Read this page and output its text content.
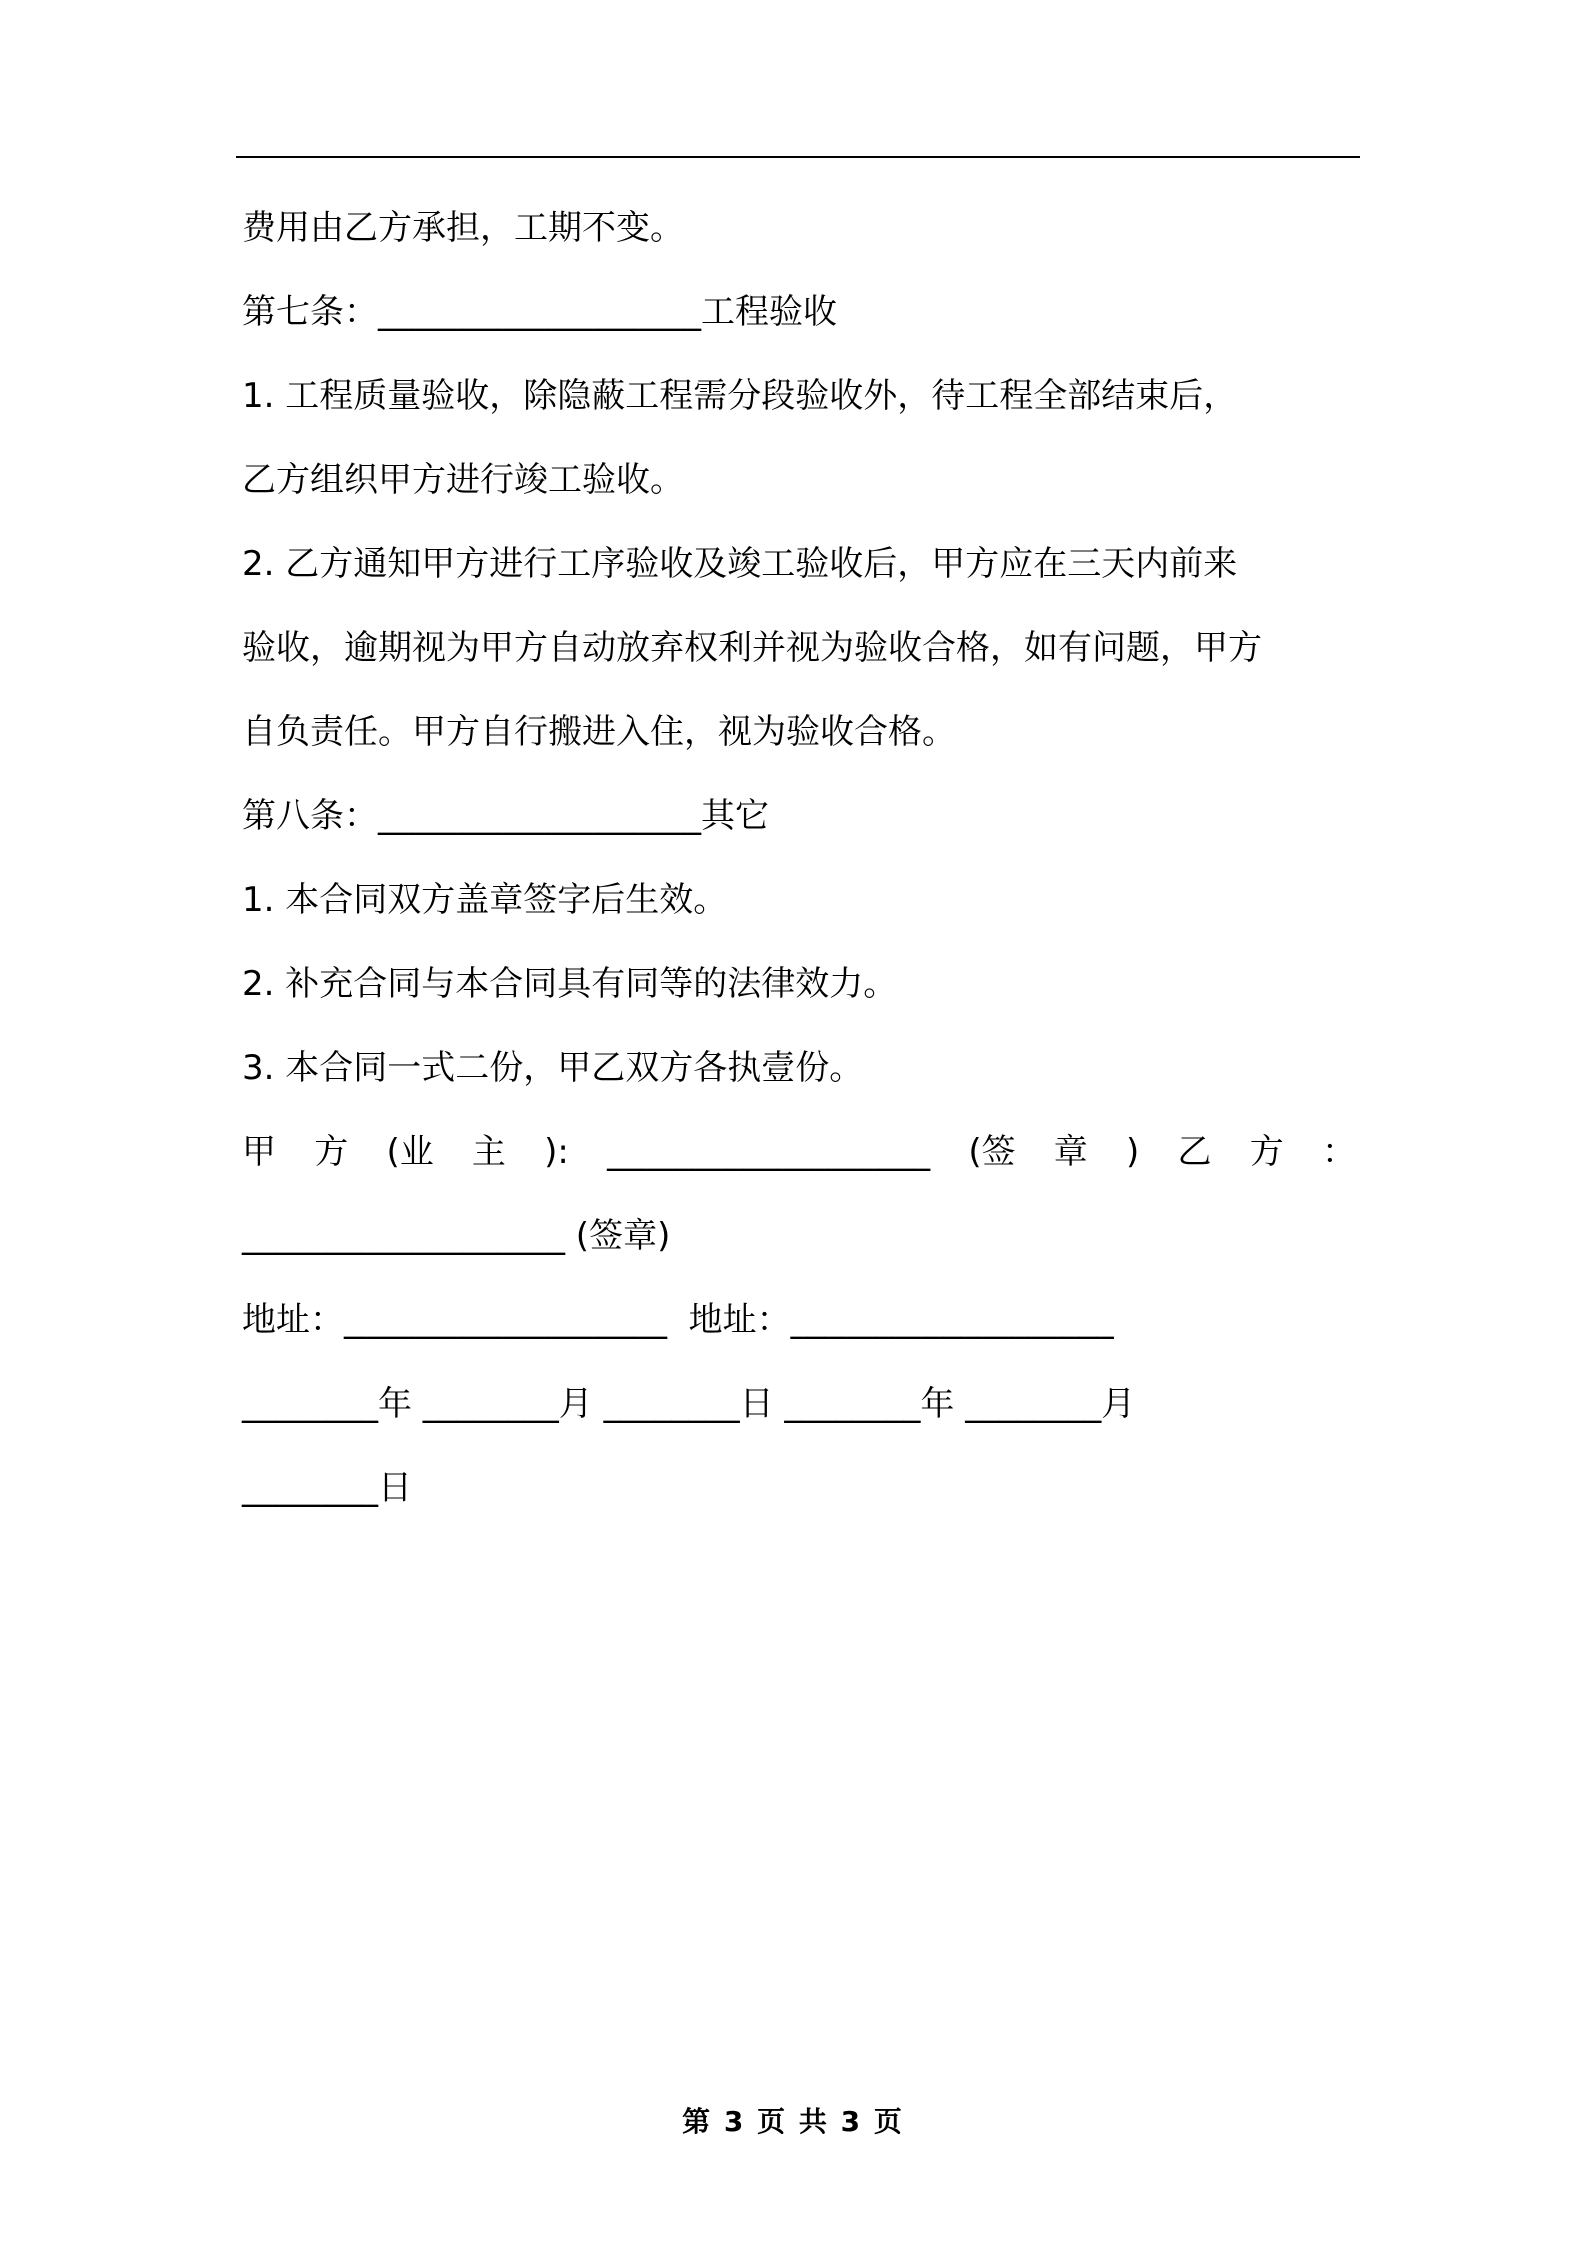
费用由乙方承担，工期不变。
第七条：___________________工程验收
1. 工程质量验收，除隐蔽工程需分段验收外，待工程全部结束后，
乙方组织甲方进行竣工验收。
2. 乙方通知甲方进行工序验收及竣工验收后，甲方应在三天内前来
验收，逾期视为甲方自动放弃权利并视为验收合格，如有问题，甲方
自负责任。甲方自行搬进入住，视为验收合格。
第八条：___________________其它
1. 本合同双方盖章签字后生效。
2. 补充合同与本合同具有同等的法律效力。
3. 本合同一式二份，甲乙双方各执壹份。
甲 方 (业 主 ): ___________________ (签 章 ) 乙 方 ：
___________________ (签章)
地址：___________________  地址：___________________
________年 ________月 ________日 ________年 ________月
________日
第 3 页 共 3 页
